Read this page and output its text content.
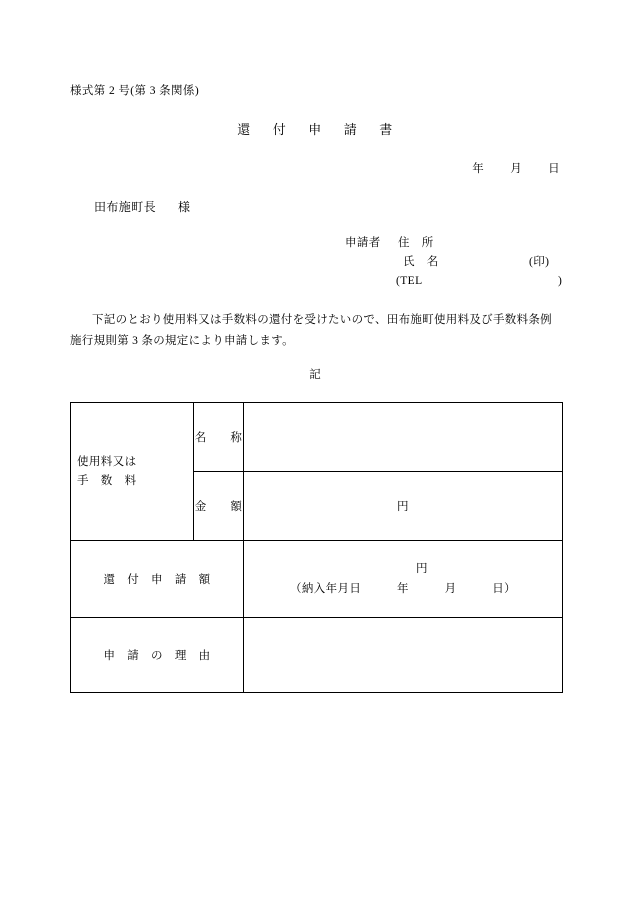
様式第 2 号(第 3 条関係)
還 付 申 請 書
年 月 日
田布施町長 様
申請者 住　所
氏　名	(印)
(TEL	)
下記のとおり使用料又は手数料の還付を受けたいので、田布施町使用料及び手数料条例施行規則第 3 条の規定により申請します。
記
使用料又は
手　数　料	名　　称	
	金　　額	円
還　付　申　請　額		円
（納入年月日　　　年　　　月　　　日）

申　請　の　理　由		
